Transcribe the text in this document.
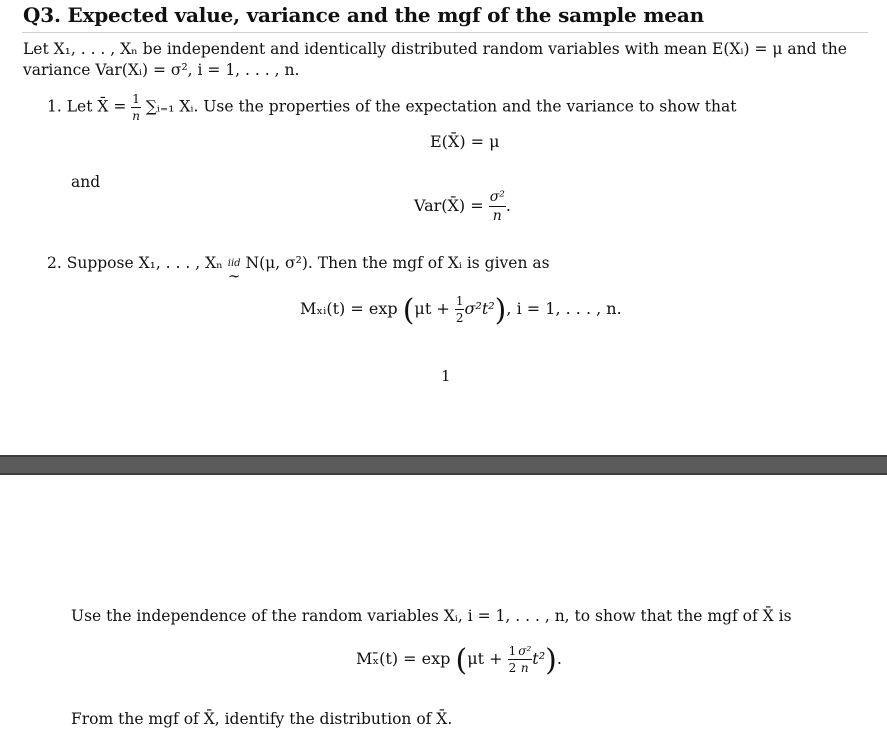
Q3. Expected value, variance and the mgf of the sample mean
Let X₁, . . . , Xₙ be independent and identically distributed random variables with mean E(Xᵢ) = μ and the
variance Var(Xᵢ) = σ², i = 1, . . . , n.
1. Let X̄ = $\frac{1}{n}$ ∑ᵢ₌₁ Xᵢ. Use the properties of the expectation and the variance to show that
E(X̄) = μ
and
Var(X̄) = $\frac{\text{σ²}}{n}$ .
2. Suppose X₁, . . . , Xₙ iid
∼
N(μ, σ²). Then the mgf of Xᵢ is given as
Mₓᵢ(t) = $\exp (\mu t + \frac{1}{2} \sigma^2t^2)$, i = 1, . . . , n.
1
Use the independence of the random variables Xᵢ, i = 1, . . . , n, to show that the mgf of X̄ is
Mₓ̄(t) = $\exp (\mu t + \frac{1}{2} \frac{\text{σ²}}{n} t^2)$.
From the mgf of X̄, identify the distribution of X̄.
